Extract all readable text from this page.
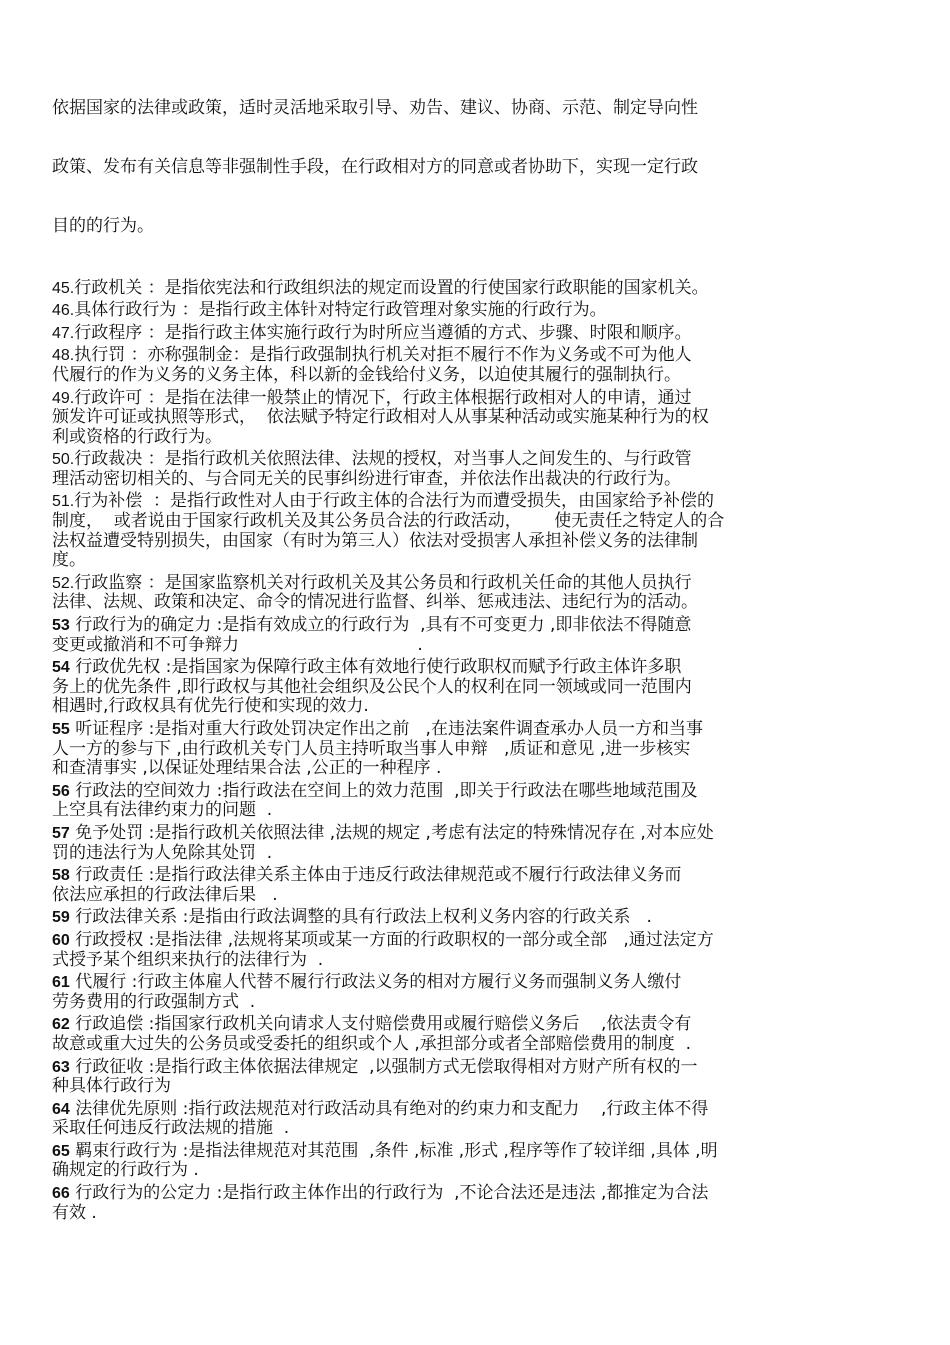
依据国家的法律或政策，适时灵活地采取引导、劝告、建议、协商、示范、制定导向性

政策、发布有关信息等非强制性手段，在行政相对方的同意或者协助下，实现一定行政

目的的行为。

45.行政机关 ：是指依宪法和行政组织法的规定而设置的行使国家行政职能的国家机关。
46.具体行政行为 ：是指行政主体针对特定行政管理对象实施的行政行为。
47.行政程序 ：是指行政主体实施行政行为时所应当遵循的方式、步骤、时限和顺序。
48.执行罚 ：亦称强制金：是指行政强制执行机关对拒不履行不作为义务或不可为他人
代履行的作为义务的义务主体，科以新的金钱给付义务，以迫使其履行的强制执行。
49.行政许可 ：是指在法律一般禁止的情况下，行政主体根据行政相对人的申请，通过
颁发许可证或执照等形式，  依法赋予特定行政相对人从事某种活动或实施某种行为的权
利或资格的行政行为。
50.行政裁决 ：是指行政机关依照法律、法规的授权，对当事人之间发生的、与行政管
理活动密切相关的、与合同无关的民事纠纷进行审查，并依法作出裁决的行政行为。
51.行为补偿  ：是指行政性对人由于行政主体的合法行为而遭受损失，由国家给予补偿的
制度，  或者说由于国家行政机关及其公务员合法的行政活动，      使无责任之特定人的合
法权益遭受特别损失，由国家（有时为第三人）依法对受损害人承担补偿义务的法律制
度。
52.行政监察 ：是国家监察机关对行政机关及其公务员和行政机关任命的其他人员执行
法律、法规、政策和决定、命令的情况进行监督、纠举、惩戒违法、违纪行为的活动。
53 行政行为的确定力 :是指有效成立的行政行为  ,具有不可变更力 ,即非依法不得随意
变更或撤消和不可争辩力                                 .
54 行政优先权 :是指国家为保障行政主体有效地行使行政职权而赋予行政主体许多职
务上的优先条件 ,即行政权与其他社会组织及公民个人的权利在同一领域或同一范围内
相遇时,行政权具有优先行使和实现的效力.
55 听证程序 :是指对重大行政处罚决定作出之前   ,在违法案件调查承办人员一方和当事
人一方的参与下 ,由行政机关专门人员主持听取当事人申辩   ,质证和意见 ,进一步核实
和查清事实 ,以保证处理结果合法 ,公正的一种程序 .
56 行政法的空间效力 :指行政法在空间上的效力范围  ,即关于行政法在哪些地域范围及
上空具有法律约束力的问题  .
57 免予处罚 :是指行政机关依照法律 ,法规的规定 ,考虑有法定的特殊情况存在 ,对本应处
罚的违法行为人免除其处罚  .
58 行政责任 :是指行政法律关系主体由于违反行政法律规范或不履行行政法律义务而
依法应承担的行政法律后果   .
59 行政法律关系 :是指由行政法调整的具有行政法上权利义务内容的行政关系   .
60 行政授权 :是指法律 ,法规将某项或某一方面的行政职权的一部分或全部   ,通过法定方
式授予某个组织来执行的法律行为  .
61 代履行 :行政主体雇人代替不履行行政法义务的相对方履行义务而强制义务人缴付
劳务费用的行政强制方式  .
62 行政追偿 :指国家行政机关向请求人支付赔偿费用或履行赔偿义务后    ,依法责令有
故意或重大过失的公务员或受委托的组织或个人 ,承担部分或者全部赔偿费用的制度  .
63 行政征收 :是指行政主体依据法律规定  ,以强制方式无偿取得相对方财产所有权的一
种具体行政行为
64 法律优先原则 :指行政法规范对行政活动具有绝对的约束力和支配力    ,行政主体不得
采取任何违反行政法规的措施  .
65 羁束行政行为 :是指法律规范对其范围  ,条件 ,标准 ,形式 ,程序等作了较详细 ,具体 ,明
确规定的行政行为 .
66 行政行为的公定力 :是指行政主体作出的行政行为  ,不论合法还是违法 ,都推定为合法
有效 .
